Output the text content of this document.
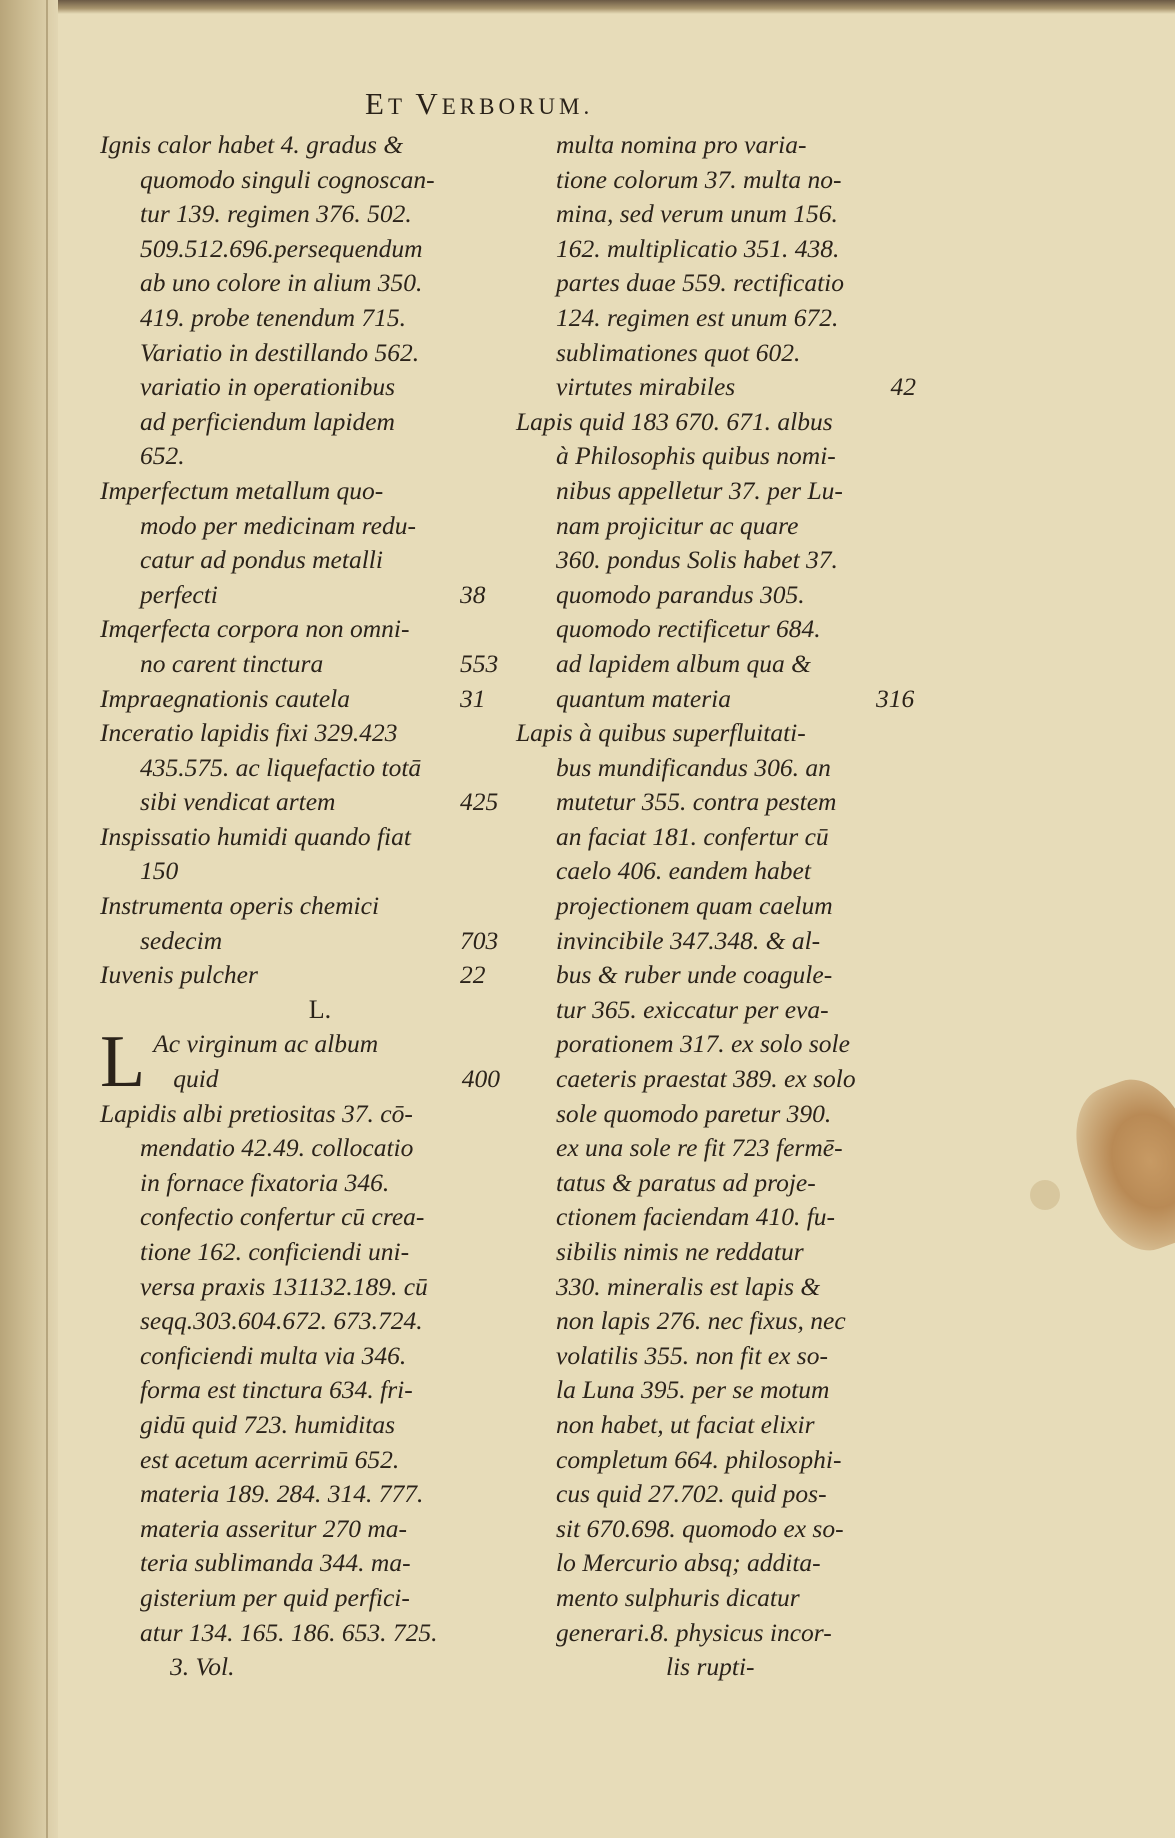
ET VERBORUM.

Ignis calor habet 4. gradus &
quomodo singuli cognoscan-
tur 139. regimen 376. 502.
509.512.696.persequendum
ab uno colore in alium 350.
419. probe tenendum 715.
Variatio in destillando 562.
variatio in operationibus
ad perficiendum lapidem
652.

Imperfectum metallum quo-
modo per medicinam redu-
catur ad pondus metalli
perfecti	38

Imqerfecta corpora non omni-
no carent tinctura	553

Impraegnationis cautela	31

Inceratio lapidis fixi 329.423
435.575. ac liquefactio totā
sibi vendicat artem	425

Inspissatio humidi quando fiat
150

Instrumenta operis chemici
sedecim	703

Iuvenis pulcher	22

L.

L Ac virginum ac album
quid	400

Lapidis albi pretiositas 37. cō-
mendatio 42.49. collocatio
in fornace fixatoria 346.
confectio confertur cū crea-
tione 162. conficiendi uni-
versa praxis 131132.189. cū
seqq.303.604.672. 673.724.
conficiendi multa via 346.
forma est tinctura 634. fri-
gidū quid 723. humiditas
est acetum acerrimū 652.
materia 189. 284. 314. 777.
materia asseritur 270 ma-
teria sublimanda 344. ma-
gisterium per quid perfici-
atur 134. 165. 186. 653. 725.

3. Vol.

multa nomina pro varia-
tione colorum 37. multa no-
mina, sed verum unum 156.
162. multiplicatio 351. 438.
partes duae 559. rectificatio
124. regimen est unum 672.
sublimationes quot 602.
virtutes mirabiles	42

Lapis quid 183 670. 671. albus
à Philosophis quibus nomi-
nibus appelletur 37. per Lu-
nam projicitur ac quare
360. pondus Solis habet 37.
quomodo parandus 305.
quomodo rectificetur 684.
ad lapidem album qua &
quantum materia	316

Lapis à quibus superfluitati-
bus mundificandus 306. an
mutetur 355. contra pestem
an faciat 181. confertur cū
caelo 406. eandem habet
projectionem quam caelum
invincibile 347.348. & al-
bus & ruber unde coagule-
tur 365. exiccatur per eva-
porationem 317. ex solo sole
caeteris praestat 389. ex solo
sole quomodo paretur 390.
ex una sole re fit 723 fermē-
tatus & paratus ad proje-
ctionem faciendam 410. fu-
sibilis nimis ne reddatur
330. mineralis est lapis &
non lapis 276. nec fixus, nec
volatilis 355. non fit ex so-
la Luna 395. per se motum
non habet, ut faciat elixir
completum 664. philosophi-
cus quid 27.702. quid pos-
sit 670.698. quomodo ex so-
lo Mercurio absq; addita-
mento sulphuris dicatur
generari.8. physicus incor-

lis rupti-
